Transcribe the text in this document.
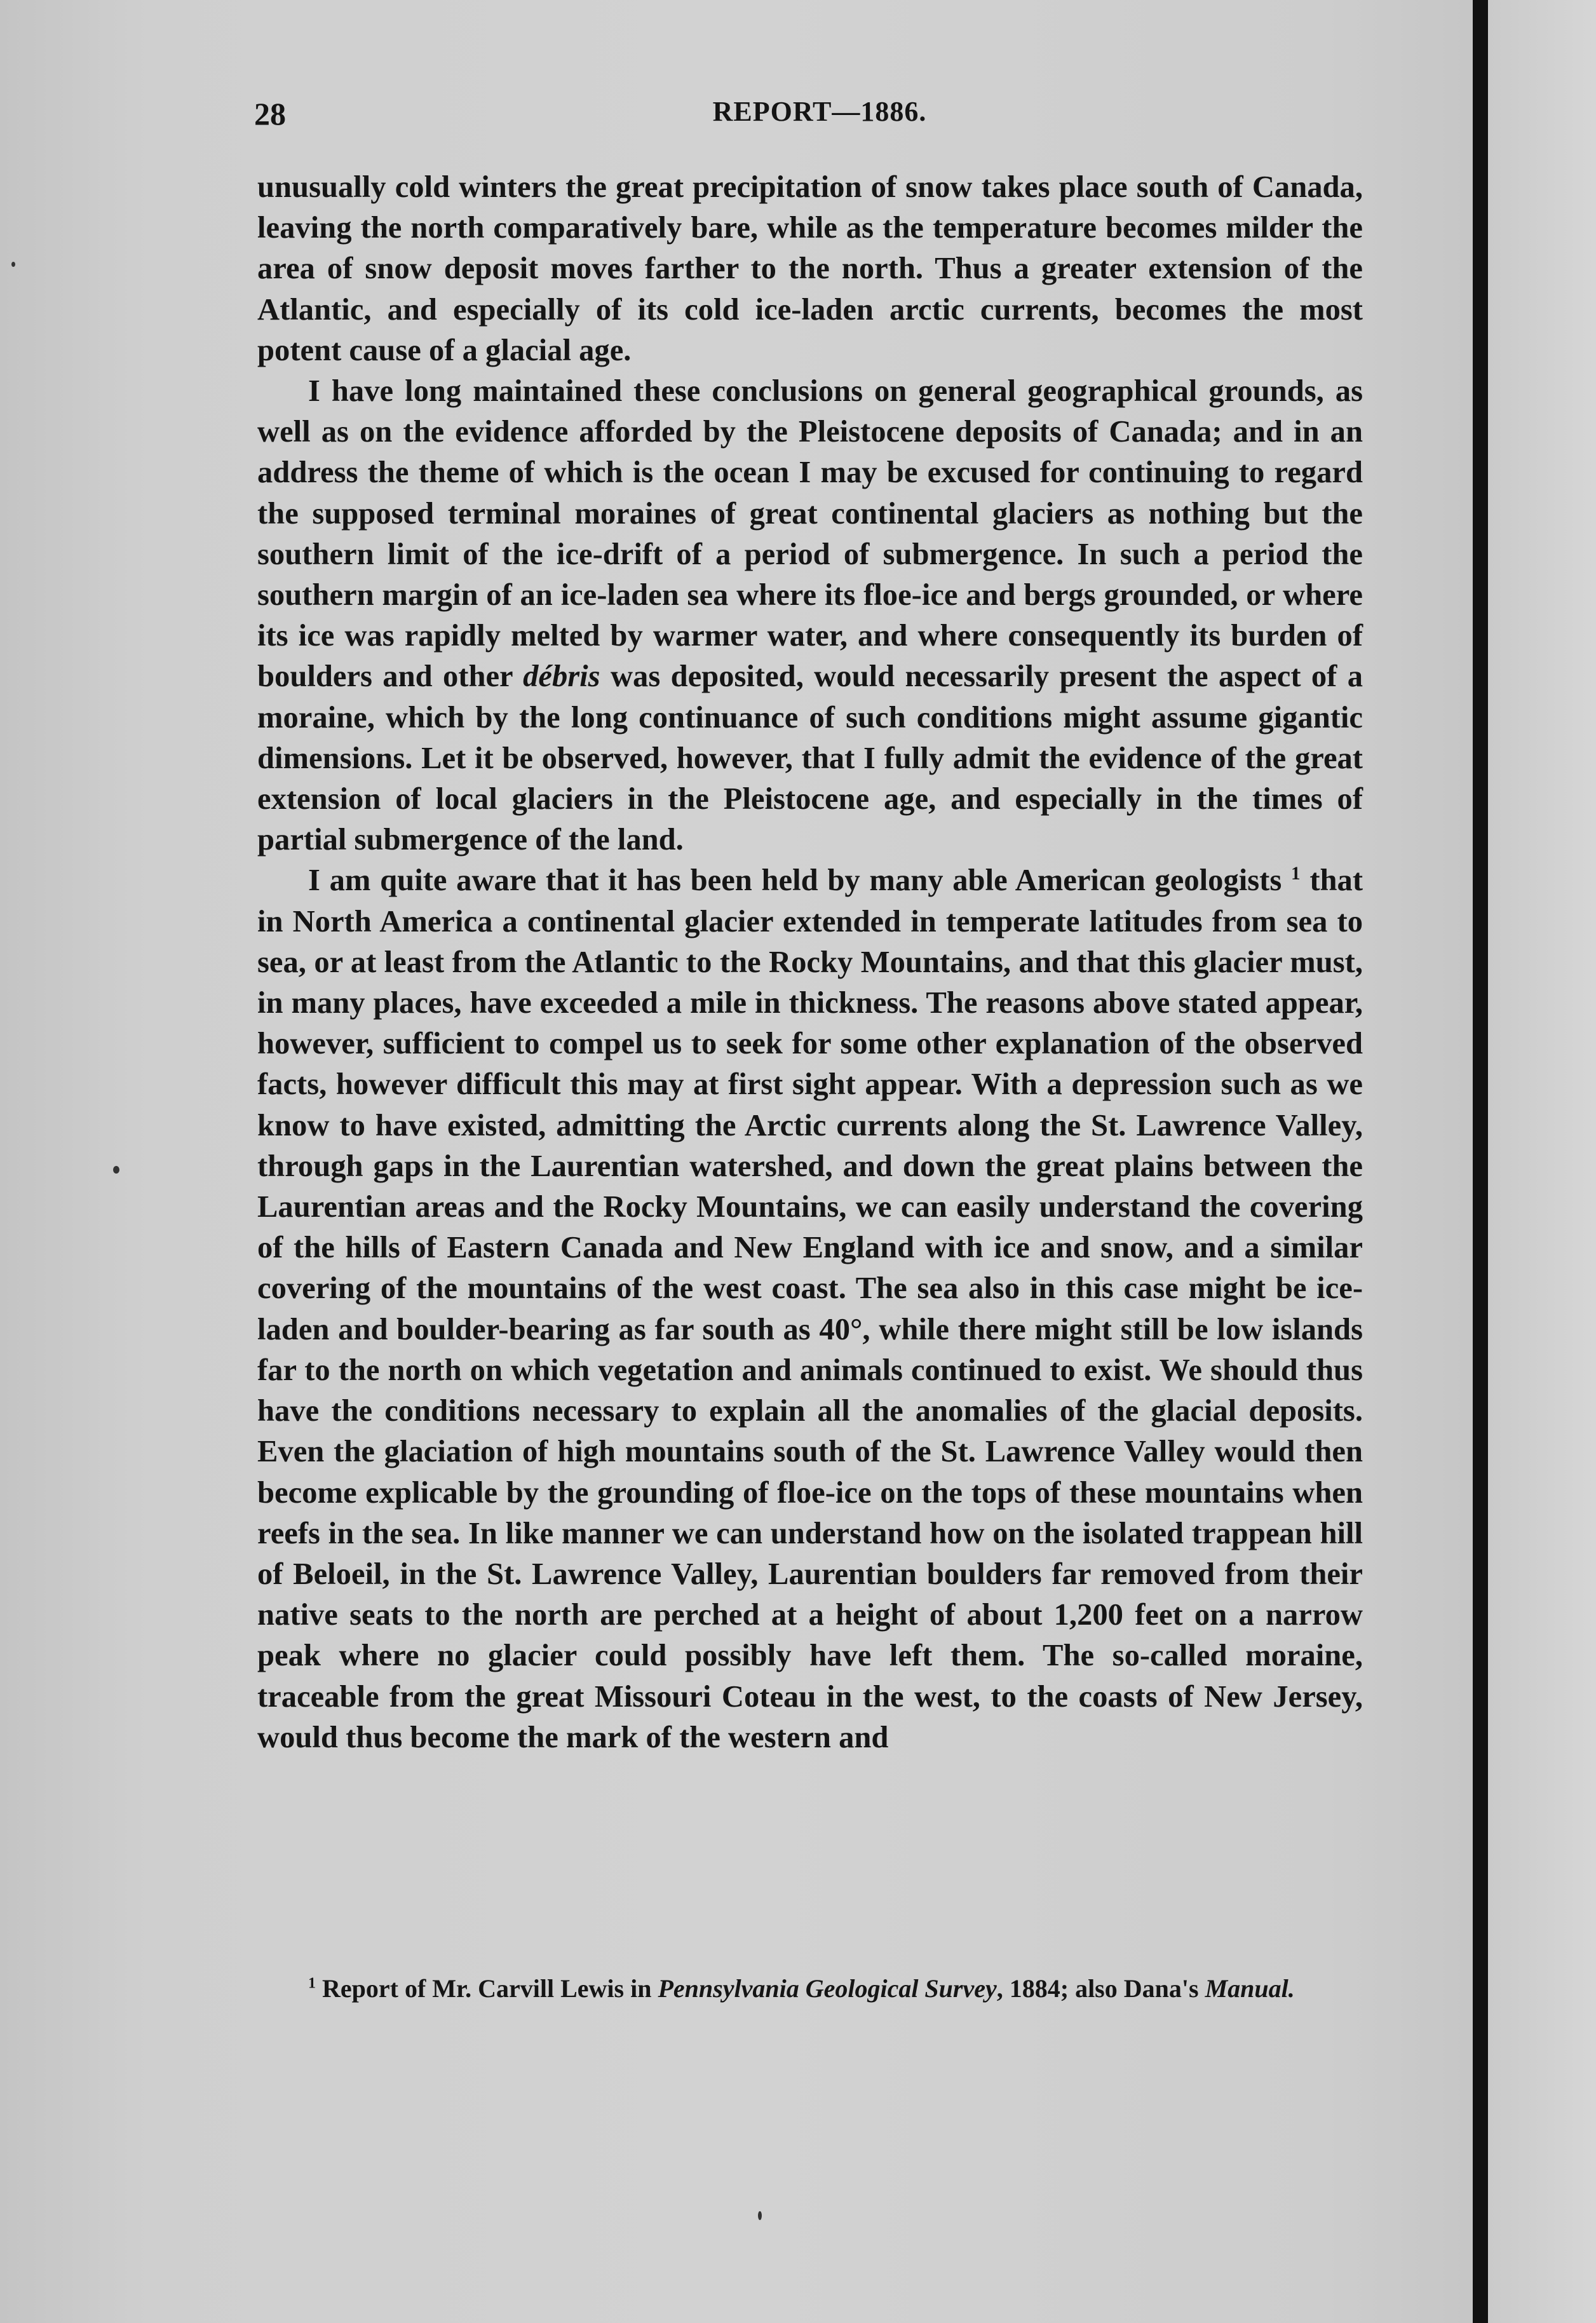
28	REPORT—1886.

unusually cold winters the great precipitation of snow takes place south of Canada, leaving the north comparatively bare, while as the temperature becomes milder the area of snow deposit moves farther to the north. Thus a greater extension of the Atlantic, and especially of its cold ice-laden arctic currents, becomes the most potent cause of a glacial age.

I have long maintained these conclusions on general geographical grounds, as well as on the evidence afforded by the Pleistocene deposits of Canada; and in an address the theme of which is the ocean I may be excused for continuing to regard the supposed terminal moraines of great continental glaciers as nothing but the southern limit of the ice-drift of a period of submergence. In such a period the southern margin of an ice-laden sea where its floe-ice and bergs grounded, or where its ice was rapidly melted by warmer water, and where consequently its burden of boulders and other débris was deposited, would necessarily present the aspect of a moraine, which by the long continuance of such conditions might assume gigantic dimensions. Let it be observed, however, that I fully admit the evidence of the great extension of local glaciers in the Pleistocene age, and especially in the times of partial submergence of the land.

I am quite aware that it has been held by many able American geologists $^1$ that in North America a continental glacier extended in temperate latitudes from sea to sea, or at least from the Atlantic to the Rocky Mountains, and that this glacier must, in many places, have exceeded a mile in thickness. The reasons above stated appear, however, sufficient to compel us to seek for some other explanation of the observed facts, however difficult this may at first sight appear. With a depression such as we know to have existed, admitting the Arctic currents along the St. Lawrence Valley, through gaps in the Laurentian watershed, and down the great plains between the Laurentian areas and the Rocky Mountains, we can easily understand the covering of the hills of Eastern Canada and New England with ice and snow, and a similar covering of the mountains of the west coast. The sea also in this case might be ice-laden and boulder-bearing as far south as 40°, while there might still be low islands far to the north on which vegetation and animals continued to exist. We should thus have the conditions necessary to explain all the anomalies of the glacial deposits. Even the glaciation of high mountains south of the St. Lawrence Valley would then become explicable by the grounding of floe-ice on the tops of these mountains when reefs in the sea. In like manner we can understand how on the isolated trappean hill of Beloeil, in the St. Lawrence Valley, Laurentian boulders far removed from their native seats to the north are perched at a height of about 1,200 feet on a narrow peak where no glacier could possibly have left them. The so-called moraine, traceable from the great Missouri Coteau in the west, to the coasts of New Jersey, would thus become the mark of the western and

$^1$ Report of Mr. Carvill Lewis in Pennsylvania Geological Survey, 1884; also Dana's Manual.
